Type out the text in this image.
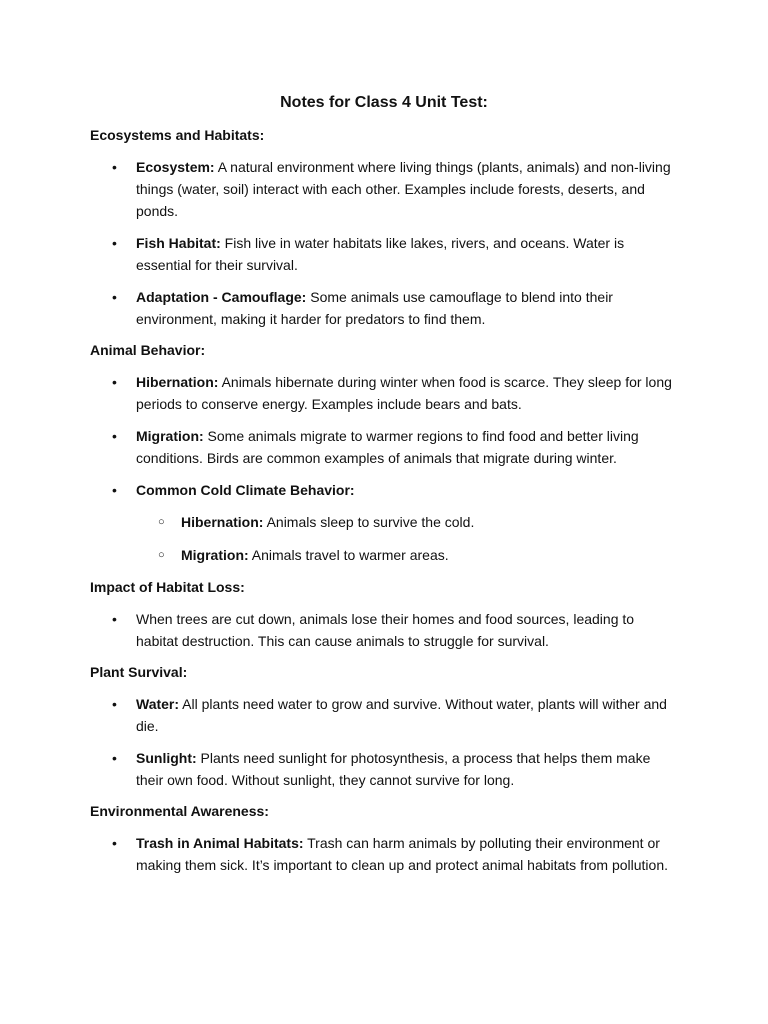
Notes for Class 4 Unit Test:
Ecosystems and Habitats:
• Ecosystem: A natural environment where living things (plants, animals) and non-living things (water, soil) interact with each other. Examples include forests, deserts, and ponds.
• Fish Habitat: Fish live in water habitats like lakes, rivers, and oceans. Water is essential for their survival.
• Adaptation - Camouflage: Some animals use camouflage to blend into their environment, making it harder for predators to find them.
Animal Behavior:
• Hibernation: Animals hibernate during winter when food is scarce. They sleep for long periods to conserve energy. Examples include bears and bats.
• Migration: Some animals migrate to warmer regions to find food and better living conditions. Birds are common examples of animals that migrate during winter.
• Common Cold Climate Behavior:
○ Hibernation: Animals sleep to survive the cold.
○ Migration: Animals travel to warmer areas.
Impact of Habitat Loss:
• When trees are cut down, animals lose their homes and food sources, leading to habitat destruction. This can cause animals to struggle for survival.
Plant Survival:
• Water: All plants need water to grow and survive. Without water, plants will wither and die.
• Sunlight: Plants need sunlight for photosynthesis, a process that helps them make their own food. Without sunlight, they cannot survive for long.
Environmental Awareness:
• Trash in Animal Habitats: Trash can harm animals by polluting their environment or making them sick. It’s important to clean up and protect animal habitats from pollution.
